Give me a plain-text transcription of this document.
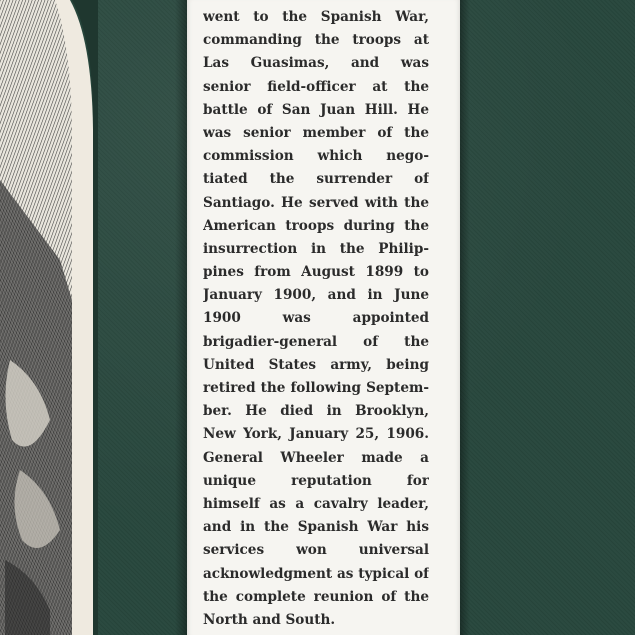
went to the Spanish War,
commanding the troops at
Las Guasimas, and was
senior field-officer at the
battle of San Juan Hill. He
was senior member of the
commission which nego-
tiated the surrender of
Santiago. He served with the
American troops during the
insurrection in the Philip-
pines from August 1899 to
January 1900, and in June
1900 was appointed
brigadier-general of the
United States army, being
retired the following Septem-
ber. He died in Brooklyn,
New York, January 25, 1906.
General Wheeler made a
unique reputation for
himself as a cavalry leader,
and in the Spanish War his
services won universal
acknowledgment as typical of
the complete reunion of the
North and South.
